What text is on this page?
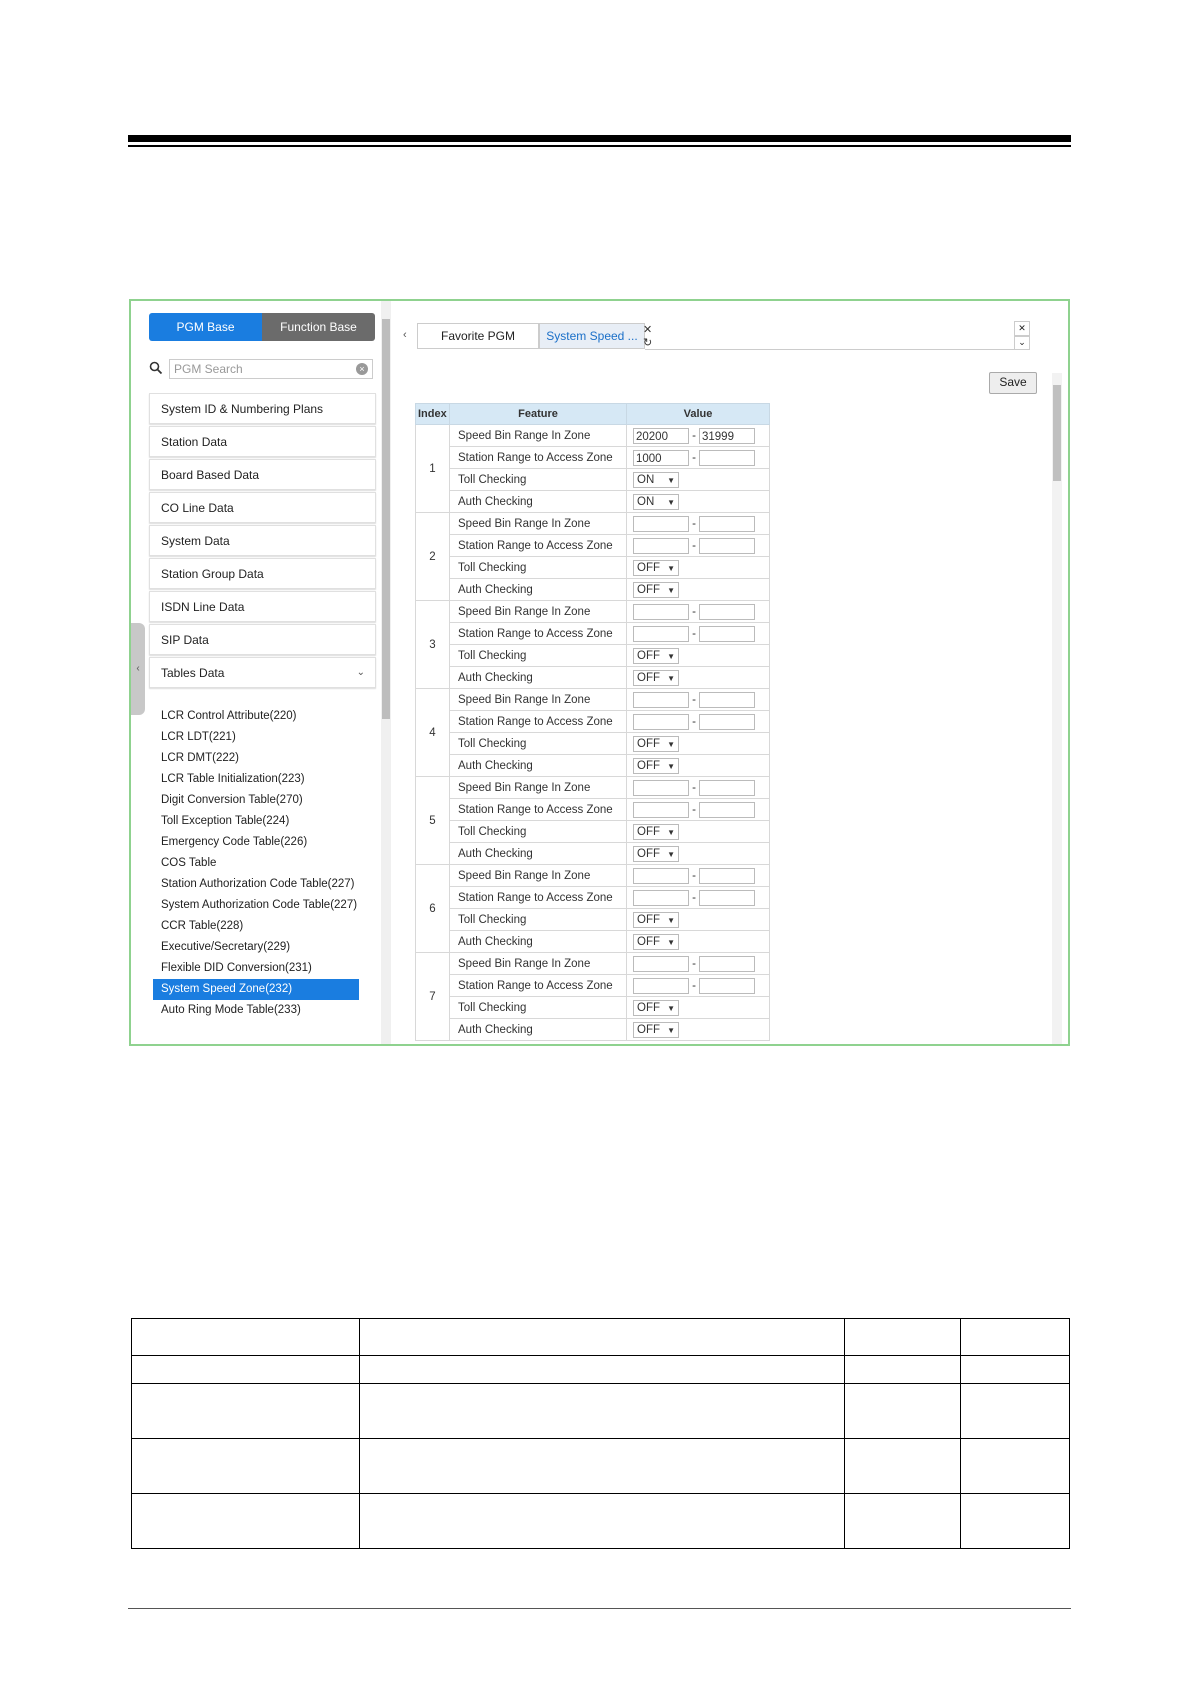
PGM Base	Function Base
PGM Search	×
System ID & Numbering Plans
Station Data
Board Based Data
CO Line Data
System Data
Station Group Data
ISDN Line Data
SIP Data
Tables Data	⌄
LCR Control Attribute(220)
LCR LDT(221)
LCR DMT(222)
LCR Table Initialization(223)
Digit Conversion Table(270)
Toll Exception Table(224)
Emergency Code Table(226)
COS Table
Station Authorization Code Table(227)
System Authorization Code Table(227)
CCR Table(228)
Executive/Secretary(229)
Flexible DID Conversion(231)
System Speed Zone(232)
Auto Ring Mode Table(233)
‹
‹	Favorite PGM	System Speed ... ✕
↻
✕
⌄
Save
Index	Feature	Value
1	Speed Bin Range In Zone	20200 - 31999
	Station Range to Access Zone	1000 -
	Toll Checking	ON ▼

	Auth Checking	ON ▼

2	Speed Bin Range In Zone	-
	Station Range to Access Zone	-
	Toll Checking	OFF ▼

	Auth Checking	OFF ▼

3	Speed Bin Range In Zone	-
	Station Range to Access Zone	-
	Toll Checking	OFF ▼

	Auth Checking	OFF ▼

4	Speed Bin Range In Zone	-
	Station Range to Access Zone	-
	Toll Checking	OFF ▼

	Auth Checking	OFF ▼

5	Speed Bin Range In Zone	-
	Station Range to Access Zone	-
	Toll Checking	OFF ▼

	Auth Checking	OFF ▼

6	Speed Bin Range In Zone	-
	Station Range to Access Zone	-
	Toll Checking	OFF ▼

	Auth Checking	OFF ▼

7	Speed Bin Range In Zone	-
	Station Range to Access Zone	-
	Toll Checking	OFF ▼

	Auth Checking	OFF ▼
